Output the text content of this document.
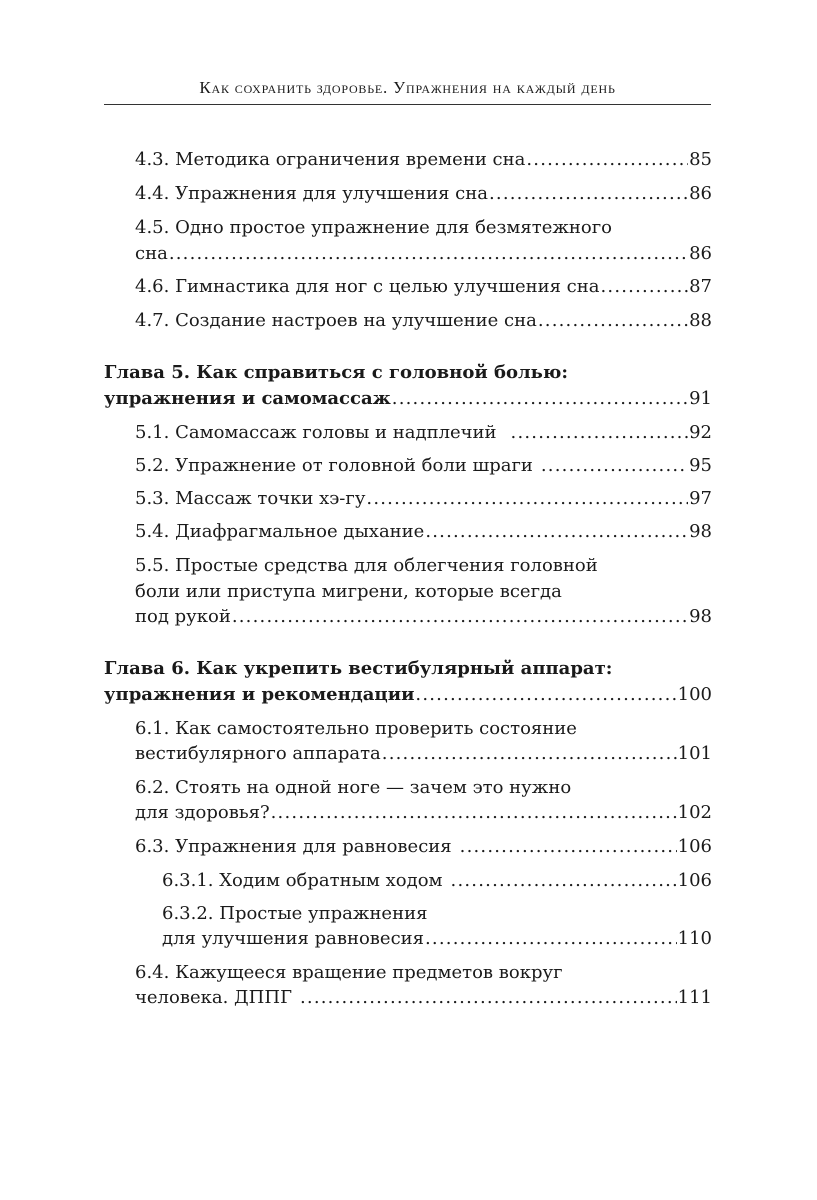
Как сохранить здоровье. Упражнения на каждый день
4.3. Методика ограничения времени сна .....	85
4.4. Упражнения для улучшения сна .....	86
4.5. Одно простое упражнение для безмятежного
сна .....	86
4.6. Гимнастика для ног с целью улучшения сна .....	87
4.7. Создание настроев на улучшение сна .....	88
Глава 5. Как справиться с головной болью:
упражнения и самомассаж .....	91
5.1. Самомассаж головы и надплечий .....	92
5.2. Упражнение от головной боли шраги .....	95
5.3. Массаж точки хэ-гу .....	97
5.4. Диафрагмальное дыхание .....	98
5.5. Простые средства для облегчения головной
боли или приступа мигрени, которые всегда
под рукой .....	98
Глава 6. Как укрепить вестибулярный аппарат:
упражнения и рекомендации .....	100
6.1. Как самостоятельно проверить состояние
вестибулярного аппарата .....	101
6.2. Стоять на одной ноге — зачем это нужно
для здоровья? .....	102
6.3. Упражнения для равновесия .....	106
6.3.1. Ходим обратным ходом .....	106
6.3.2. Простые упражнения
для улучшения равновесия .....	110
6.4. Кажущееся вращение предметов вокруг
человека. ДППГ .....	111
